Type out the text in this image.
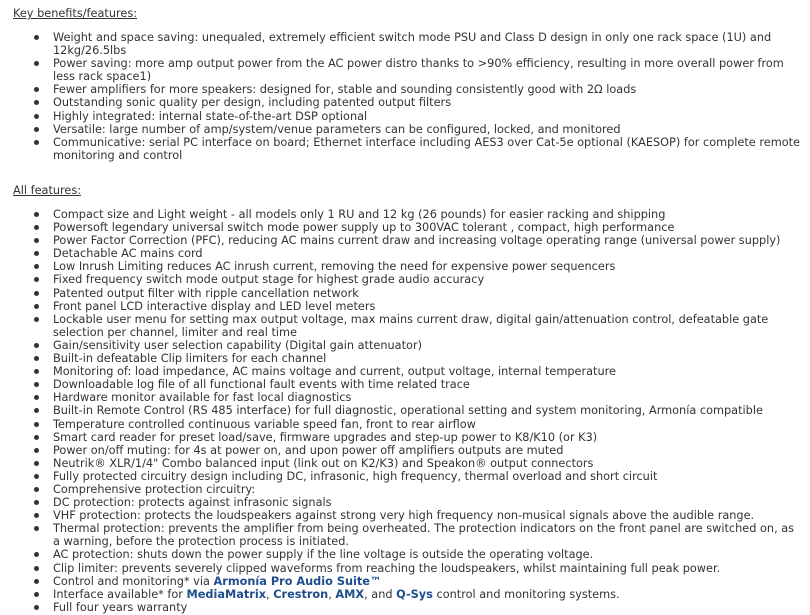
Key benefits/features:
Weight and space saving: unequaled, extremely efficient switch mode PSU and Class D design in only one rack space (1U) and 12kg/26.5lbs
Power saving: more amp output power from the AC power distro thanks to >90% efficiency, resulting in more overall power from less rack space1)
Fewer amplifiers for more speakers: designed for, stable and sounding consistently good with 2Ω loads
Outstanding sonic quality per design, including patented output filters
Highly integrated: internal state-of-the-art DSP optional
Versatile: large number of amp/system/venue parameters can be configured, locked, and monitored
Communicative: serial PC interface on board; Ethernet interface including AES3 over Cat-5e optional (KAESOP) for complete remote monitoring and control
All features:
Compact size and Light weight - all models only 1 RU and 12 kg (26 pounds) for easier racking and shipping
Powersoft legendary universal switch mode power supply up to 300VAC tolerant , compact, high performance
Power Factor Correction (PFC), reducing AC mains current draw and increasing voltage operating range (universal power supply)
Detachable AC mains cord
Low Inrush Limiting reduces AC inrush current, removing the need for expensive power sequencers
Fixed frequency switch mode output stage for highest grade audio accuracy
Patented output filter with ripple cancellation network
Front panel LCD interactive display and LED level meters
Lockable user menu for setting max output voltage, max mains current draw, digital gain/attenuation control, defeatable gate selection per channel, limiter and real time
Gain/sensitivity user selection capability (Digital gain attenuator)
Built-in defeatable Clip limiters for each channel
Monitoring of: load impedance, AC mains voltage and current, output voltage, internal temperature
Downloadable log file of all functional fault events with time related trace
Hardware monitor available for fast local diagnostics
Built-in Remote Control (RS 485 interface) for full diagnostic, operational setting and system monitoring, Armonía compatible
Temperature controlled continuous variable speed fan, front to rear airflow
Smart card reader for preset load/save, firmware upgrades and step-up power to K8/K10 (or K3)
Power on/off muting: for 4s at power on, and upon power off amplifiers outputs are muted
Neutrik® XLR/1/4" Combo balanced input (link out on K2/K3) and Speakon® output connectors
Fully protected circuitry design including DC, infrasonic, high frequency, thermal overload and short circuit
Comprehensive protection circuitry:
DC protection: protects against infrasonic signals
VHF protection: protects the loudspeakers against strong very high frequency non-musical signals above the audible range.
Thermal protection: prevents the amplifier from being overheated. The protection indicators on the front panel are switched on, as a warning, before the protection process is initiated.
AC protection: shuts down the power supply if the line voltage is outside the operating voltage.
Clip limiter: prevents severely clipped waveforms from reaching the loudspeakers, whilst maintaining full peak power.
Control and monitoring* via Armonía Pro Audio Suite™
Interface available* for MediaMatrix, Crestron, AMX, and Q-Sys control and monitoring systems.
Full four years warranty
